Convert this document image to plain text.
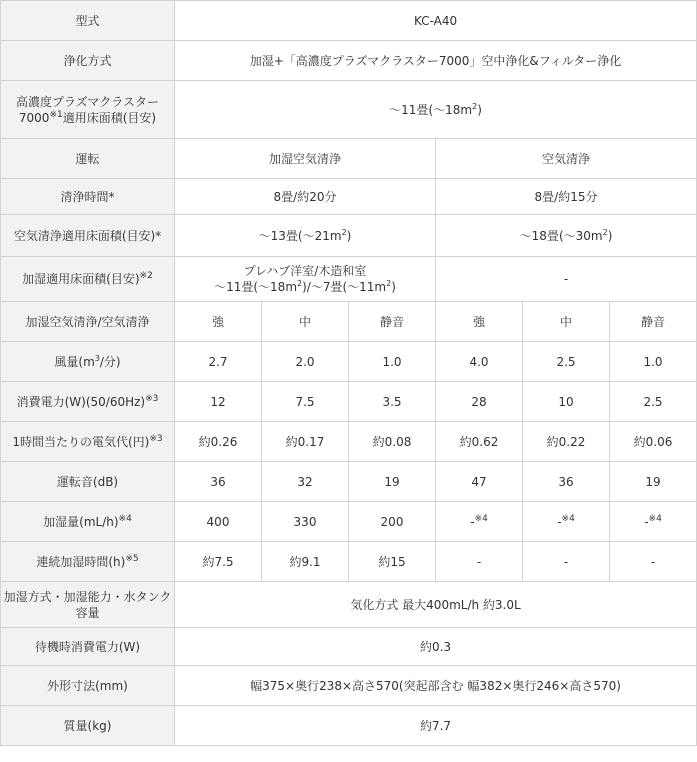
型式	KC-A40					
浄化方式	加湿+「高濃度プラズマクラスター7000」空中浄化&フィルター浄化					
高濃度プラズマクラスター
7000$^{※1}$適用床面積(目安)	〜11畳(〜$18m^2$)					
運転	加湿空気清浄			空気清浄		
清浄時間*	8畳/約20分			8畳/約15分		
空気清浄適用床面積(目安)*	〜13畳(〜$21m^2$)			〜18畳(〜$30m^2$)		
加湿適用床面積(目安)$^{※2}$	プレハブ洋室/木造和室
〜11畳(〜$18m^2)/$〜7畳(〜$11m^2$)			-		
加湿空気清浄/空気清浄	強	中	静音	強	中	静音
風量($m^3/$分)	2.7	2.0	1.0	4.0	2.5	1.0
消費電力(W)(50/60Hz)$^{※3}$	12	7.5	3.5	28	10	2.5
1時間当たりの電気代(円)$^{※3}$	約0.26	約0.17	約0.08	約0.62	約0.22	約0.06
運転音(dB)	36	32	19	47	36	19
加湿量(mL/h)$^{※4}$	400	330	200	-$^{※4}$	-$^{※4}$	-$^{※4}$
連続加湿時間(h)$^{※5}$	約7.5	約9.1	約15	-	-	-
加湿方式・加湿能力・水タンク容量	気化方式 最大400mL/h 約3.0L					
待機時消費電力(W)	約0.3					
外形寸法(mm)	幅375×奥行238×高さ570(突起部含む 幅382×奥行246×高さ570)					
質量(kg)	約7.7					
